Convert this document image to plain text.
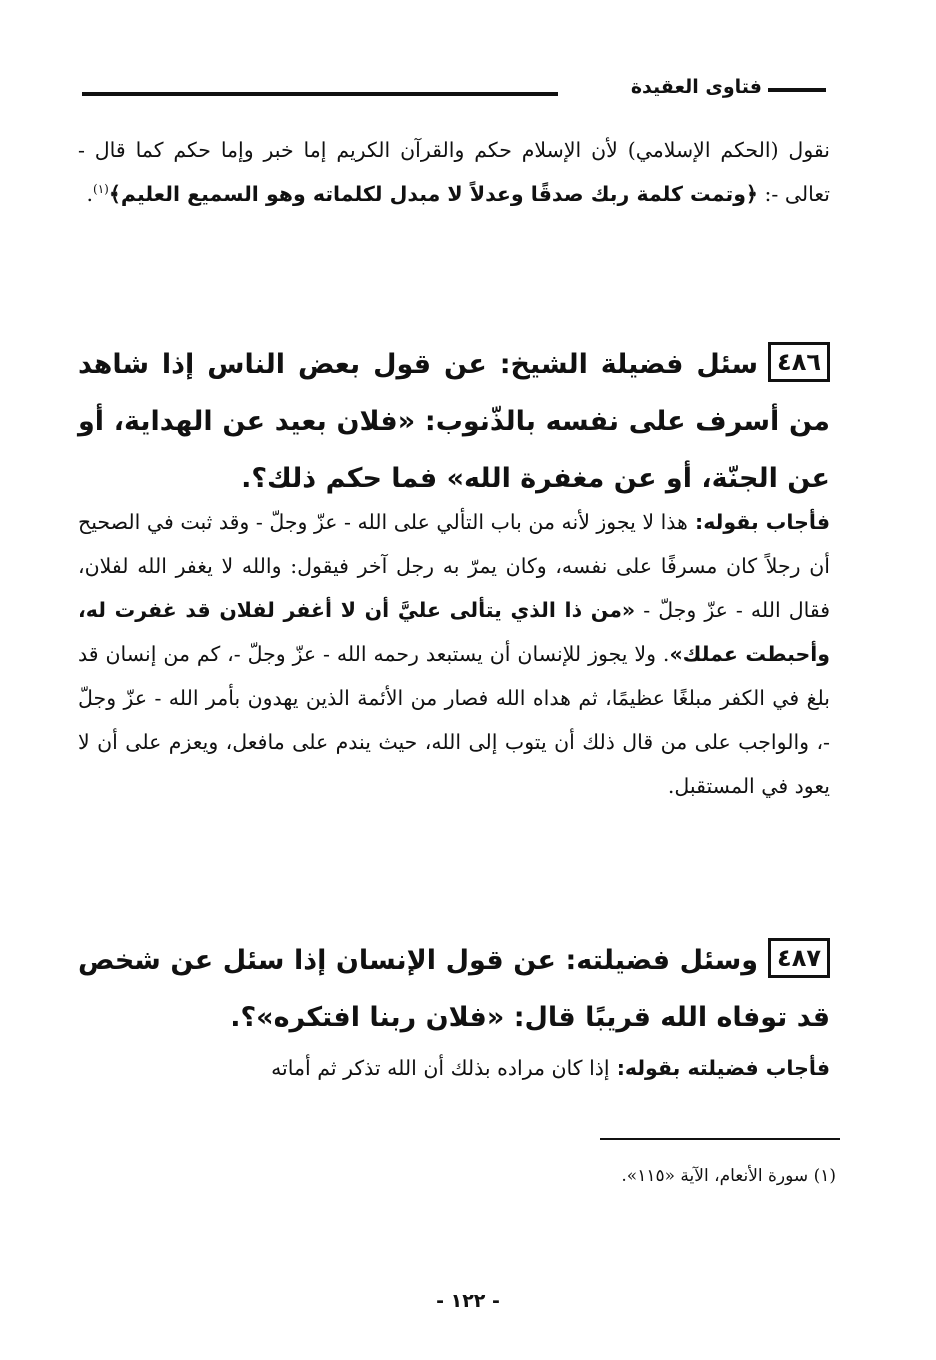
فتاوى العقيدة

نقول (الحكم الإسلامي) لأن الإسلام حكم والقرآن الكريم إما خبر وإما حكم كما قال - تعالى -: ﴿وتمت كلمة ربك صدقًا وعدلاً لا مبدل لكلماته وهو السميع العليم﴾$^{(١)}$.

٤٨٦سئل فضيلة الشيخ: عن قول بعض الناس إذا شاهد من أسرف على نفسه بالذّنوب: «فلان بعيد عن الهداية، أو عن الجنّة، أو عن مغفرة الله» فما حكم ذلك؟.

فأجاب بقوله: هذا لا يجوز لأنه من باب التألي على الله - عزّ وجلّ - وقد ثبت في الصحيح أن رجلاً كان مسرفًا على نفسه، وكان يمرّ به رجل آخر فيقول: والله لا يغفر الله لفلان، فقال الله - عزّ وجلّ - «من ذا الذي يتألى عليَّ أن لا أغفر لفلان قد غفرت له، وأحبطت عملك». ولا يجوز للإنسان أن يستبعد رحمه الله - عزّ وجلّ -، كم من إنسان قد بلغ في الكفر مبلغًا عظيمًا، ثم هداه الله فصار من الأئمة الذين يهدون بأمر الله - عزّ وجلّ -، والواجب على من قال ذلك أن يتوب إلى الله، حيث يندم على مافعل، ويعزم على أن لا يعود في المستقبل.

٤٨٧وسئل فضيلته: عن قول الإنسان إذا سئل عن شخص قد توفاه الله قريبًا قال: «فلان ربنا افتكره»؟.

فأجاب فضيلته بقوله: إذا كان مراده بذلك أن الله تذكر ثم أماته

(١) سورة الأنعام، الآية «١١٥».
- ١٢٢ -
